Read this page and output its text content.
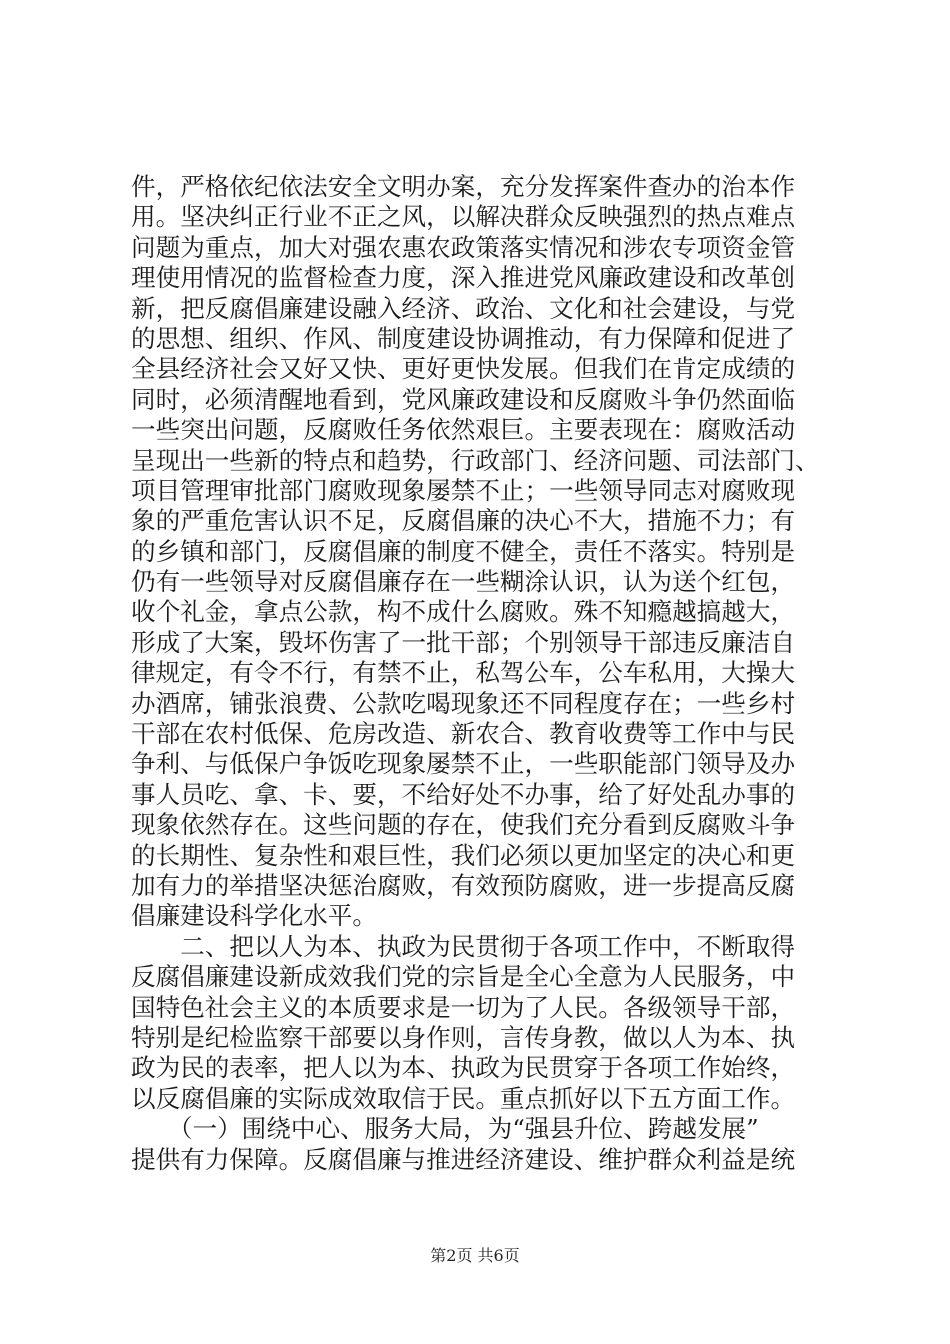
件，严格依纪依法安全文明办案，充分发挥案件查办的治本作
用。坚决纠正行业不正之风，以解决群众反映强烈的热点难点
问题为重点，加大对强农惠农政策落实情况和涉农专项资金管
理使用情况的监督检查力度，深入推进党风廉政建设和改革创
新，把反腐倡廉建设融入经济、政治、文化和社会建设，与党
的思想、组织、作风、制度建设协调推动，有力保障和促进了
全县经济社会又好又快、更好更快发展。但我们在肯定成绩的
同时，必须清醒地看到，党风廉政建设和反腐败斗争仍然面临
一些突出问题，反腐败任务依然艰巨。主要表现在：腐败活动
呈现出一些新的特点和趋势，行政部门、经济问题、司法部门、
项目管理审批部门腐败现象屡禁不止；一些领导同志对腐败现
象的严重危害认识不足，反腐倡廉的决心不大，措施不力；有
的乡镇和部门，反腐倡廉的制度不健全，责任不落实。特别是
仍有一些领导对反腐倡廉存在一些糊涂认识，认为送个红包，
收个礼金，拿点公款，构不成什么腐败。殊不知瘾越搞越大，
形成了大案，毁坏伤害了一批干部；个别领导干部违反廉洁自
律规定，有令不行，有禁不止，私驾公车，公车私用，大操大
办酒席，铺张浪费、公款吃喝现象还不同程度存在；一些乡村
干部在农村低保、危房改造、新农合、教育收费等工作中与民
争利、与低保户争饭吃现象屡禁不止，一些职能部门领导及办
事人员吃、拿、卡、要，不给好处不办事，给了好处乱办事的
现象依然存在。这些问题的存在，使我们充分看到反腐败斗争
的长期性、复杂性和艰巨性，我们必须以更加坚定的决心和更
加有力的举措坚决惩治腐败，有效预防腐败，进一步提高反腐
倡廉建设科学化水平。
　　二、把以人为本、执政为民贯彻于各项工作中，不断取得
反腐倡廉建设新成效我们党的宗旨是全心全意为人民服务，中
国特色社会主义的本质要求是一切为了人民。各级领导干部，
特别是纪检监察干部要以身作则，言传身教，做以人为本、执
政为民的表率，把人以为本、执政为民贯穿于各项工作始终，
以反腐倡廉的实际成效取信于民。重点抓好以下五方面工作。
　　（一）围绕中心、服务大局，为“强县升位、跨越发展”
提供有力保障。反腐倡廉与推进经济建设、维护群众利益是统
第2页 共6页
